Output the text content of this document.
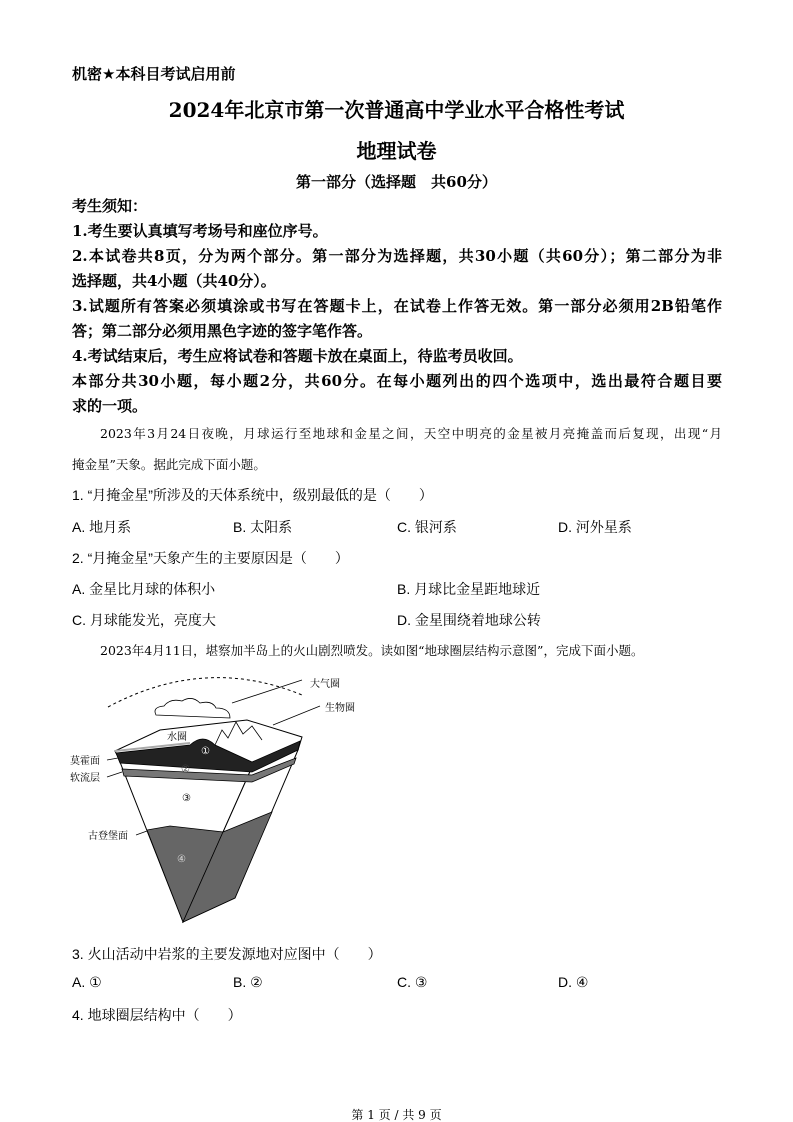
机密★本科目考试启用前
2024年北京市第一次普通高中学业水平合格性考试
地理试卷
第一部分（选择题　共60分）
考生须知：
1.考生要认真填写考场号和座位序号。
2.本试卷共8页，分为两个部分。第一部分为选择题，共30小题（共60分）；第二部分为非
选择题，共4小题（共40分）。
3.试题所有答案必须填涂或书写在答题卡上，在试卷上作答无效。第一部分必须用2B铅笔作
答；第二部分必须用黑色字迹的签字笔作答。
4.考试结束后，考生应将试卷和答题卡放在桌面上，待监考员收回。
本部分共30小题，每小题2分，共60分。在每小题列出的四个选项中，选出最符合题目要
求的一项。
2023年3月24日夜晚，月球运行至地球和金星之间，天空中明亮的金星被月亮掩盖而后复现，出现“月
掩金星”天象。据此完成下面小题。
1. “月掩金星”所涉及的天体系统中，级别最低的是（　　）
A. 地月系	B. 太阳系	C. 银河系	D. 河外星系
2. “月掩金星”天象产生的主要原因是（　　）
A. 金星比月球的体积小	B. 月球比金星距地球近
C. 月球能发光，亮度大	D. 金星围绕着地球公转
2023年4月11日，堪察加半岛上的火山剧烈喷发。读如图“地球圈层结构示意图”，完成下面小题。
大气圈
生物圈
水圈
①
莫霍面
软流层
②
③
古登堡面
④
3. 火山活动中岩浆的主要发源地对应图中（　　）
A. ①	B. ②	C. ③	D. ④
4. 地球圈层结构中（　　）
第 1 页 / 共 9 页
